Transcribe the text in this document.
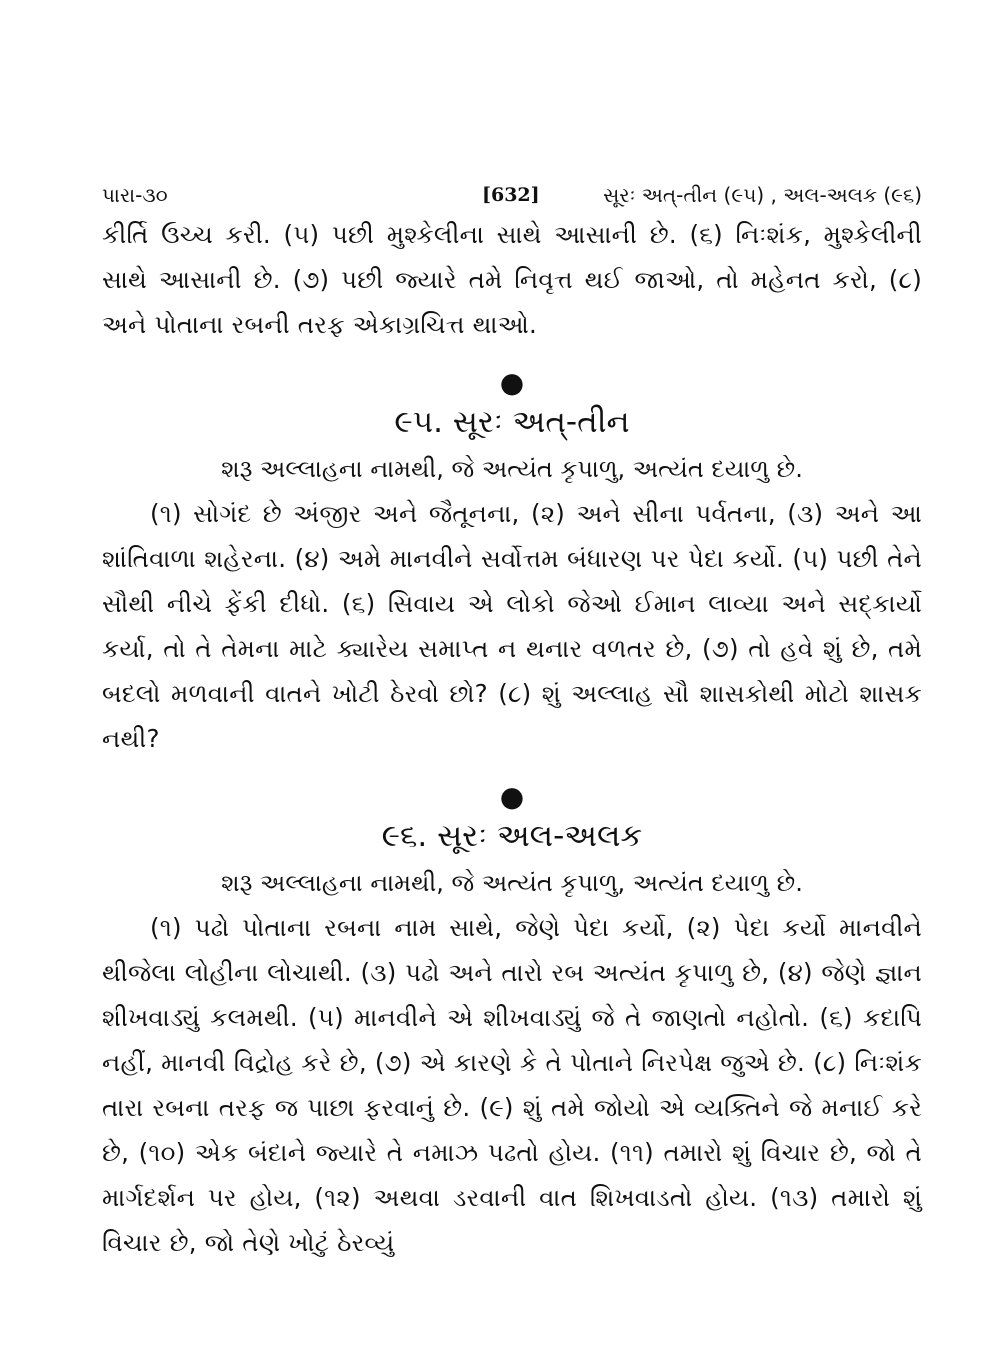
પારા-૩૦	[632]	સૂરઃ અત્-તીન (૯૫) , અલ-અલક (૯૬)

કીર્તિ ઉચ્ચ કરી. (૫) પછી મુશ્કેલીના સાથે આસાની છે. (૬) નિઃશંક, મુશ્કેલીની સાથે આસાની છે. (૭) પછી જ્યારે તમે નિવૃત્ત થઈ જાઓ, તો મહેનત કરો, (૮) અને પોતાના રબની તરફ એકાગ્રચિત્ત થાઓ.

●
૯૫. સૂરઃ અત્-તીન

શરૂ અલ્લાહના નામથી, જે અત્યંત કૃપાળુ, અત્યંત દયાળુ છે.

(૧) સોગંદ છે અંજીર અને જૈતૂનના, (૨) અને સીના પર્વતના, (૩) અને આ શાંતિવાળા શહેરના. (૪) અમે માનવીને સર્વોત્તમ બંધારણ પર પેદા કર્યો. (૫) પછી તેને સૌથી નીચે ફેંકી દીધો. (૬) સિવાય એ લોકો જેઓ ઈમાન લાવ્યા અને સદ્કાર્યો કર્યા, તો તે તેમના માટે ક્યારેય સમાપ્ત ન થનાર વળતર છે, (૭) તો હવે શું છે, તમે બદલો મળવાની વાતને ખોટી ઠેરવો છો? (૮) શું અલ્લાહ સૌ શાસકોથી મોટો શાસક નથી?

●
૯૬. સૂરઃ અલ-અલક

શરૂ અલ્લાહના નામથી, જે અત્યંત કૃપાળુ, અત્યંત દયાળુ છે.

(૧) પઢો પોતાના રબના નામ સાથે, જેણે પેદા કર્યો, (૨) પેદા કર્યો માનવીને થીજેલા લોહીના લોચાથી. (૩) પઢો અને તારો રબ અત્યંત કૃપાળુ છે, (૪) જેણે જ્ઞાન શીખવાડ્યું કલમથી. (૫) માનવીને એ શીખવાડ્યું જે તે જાણતો નહોતો. (૬) કદાપિ નહીં, માનવી વિદ્રોહ કરે છે, (૭) એ કારણે કે તે પોતાને નિરપેક્ષ જુએ છે. (૮) નિઃશંક તારા રબના તરફ જ પાછા ફરવાનું છે. (૯) શું તમે જોયો એ વ્યક્તિને જે મનાઈ કરે છે, (૧૦) એક બંદાને જ્યારે તે નમાઝ પઢતો હોય. (૧૧) તમારો શું વિચાર છે, જો તે માર્ગદર્શન પર હોય, (૧૨) અથવા ડરવાની વાત શિખવાડતો હોય. (૧૩) તમારો શું વિચાર છે, જો તેણે ખોટું ઠેરવ્યું
